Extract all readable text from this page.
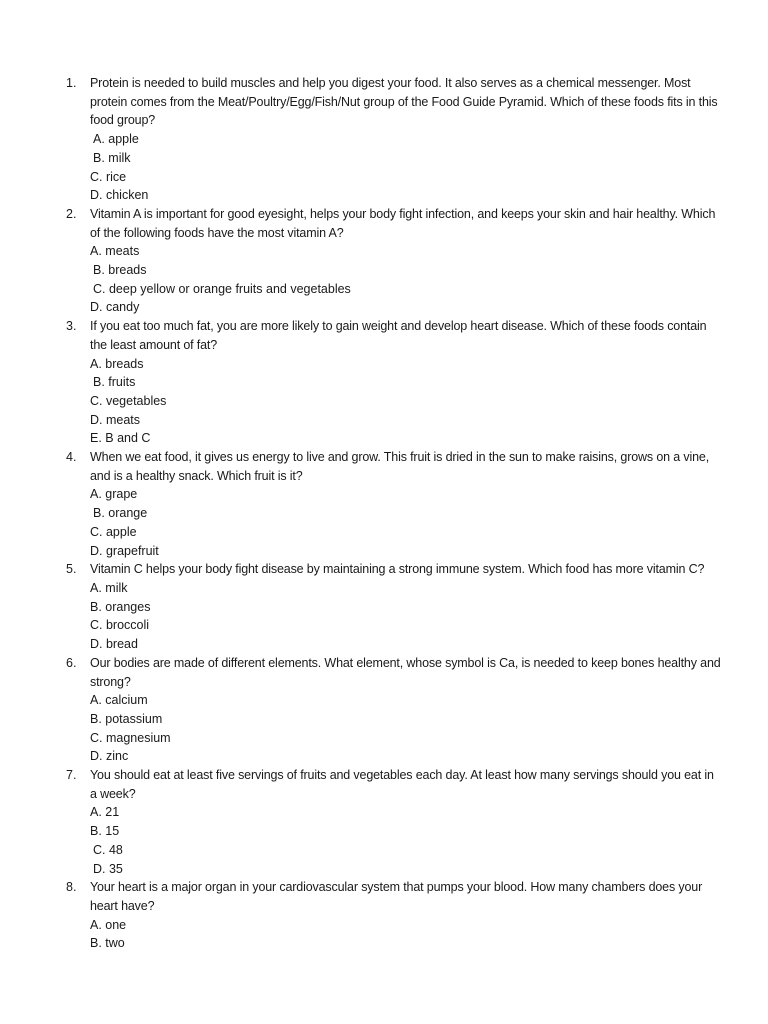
1. Protein is needed to build muscles and help you digest your food. It also serves as a chemical messenger. Most protein comes from the Meat/Poultry/Egg/Fish/Nut group of the Food Guide Pyramid. Which of these foods fits in this food group?
A. apple
B. milk
C. rice
D. chicken
2. Vitamin A is important for good eyesight, helps your body fight infection, and keeps your skin and hair healthy. Which of the following foods have the most vitamin A?
A. meats
B. breads
C. deep yellow or orange fruits and vegetables
D. candy
3. If you eat too much fat, you are more likely to gain weight and develop heart disease. Which of these foods contain the least amount of fat?
A. breads
B. fruits
C. vegetables
D. meats
E. B and C
4. When we eat food, it gives us energy to live and grow. This fruit is dried in the sun to make raisins, grows on a vine, and is a healthy snack. Which fruit is it?
A. grape
B. orange
C. apple
D. grapefruit
5. Vitamin C helps your body fight disease by maintaining a strong immune system. Which food has more vitamin C?
A. milk
B. oranges
C. broccoli
D. bread
6. Our bodies are made of different elements. What element, whose symbol is Ca, is needed to keep bones healthy and strong?
A. calcium
B. potassium
C. magnesium
D. zinc
7. You should eat at least five servings of fruits and vegetables each day. At least how many servings should you eat in a week?
A. 21
B. 15
C. 48
D. 35
8. Your heart is a major organ in your cardiovascular system that pumps your blood. How many chambers does your heart have?
A. one
B. two
